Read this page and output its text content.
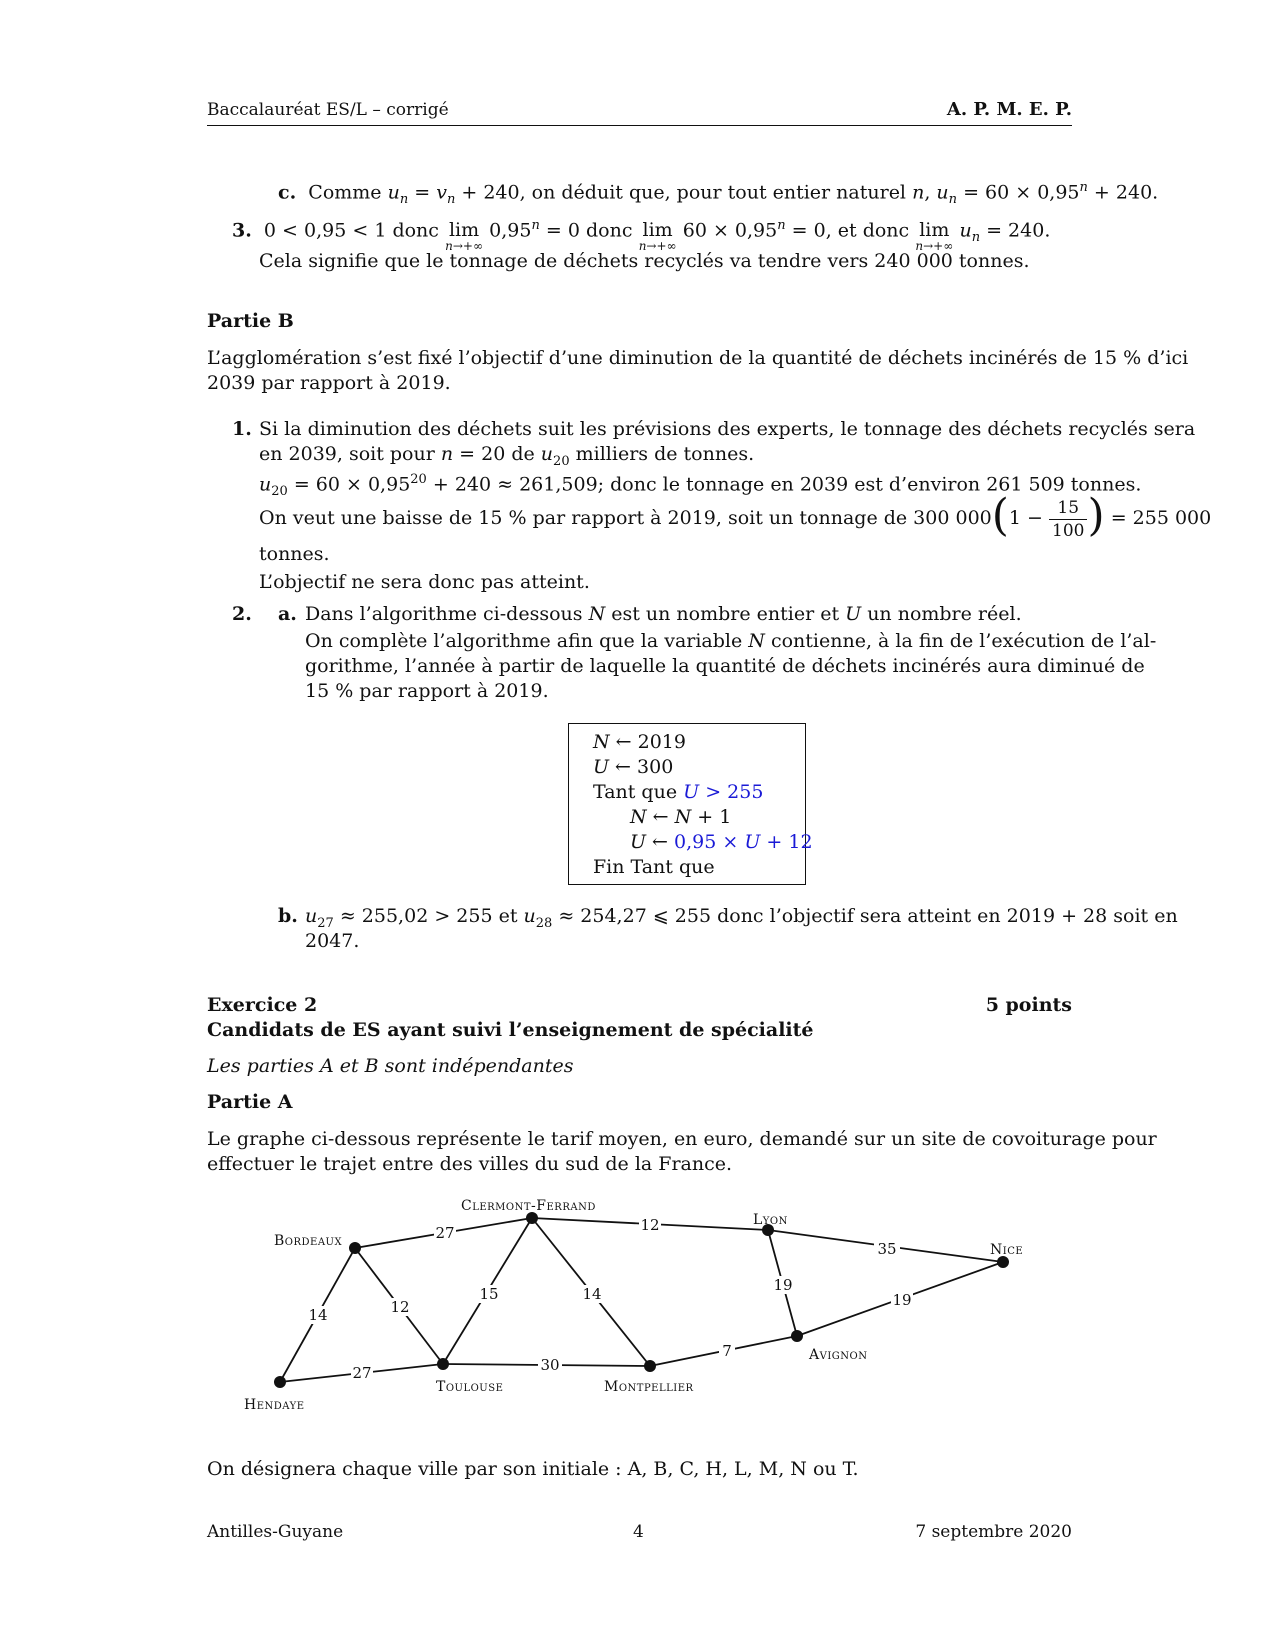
Baccalauréat ES/L – corrigé	A. P. M. E. P.
c. Comme $u_n = v_n + 240$, on déduit que, pour tout entier naturel n, $u_n = 60 \times 0,95^n + 240$.
3.  0 < 0,95 < 1 donc lim
n→+∞
$0,95^n = 0$ donc lim
n→+∞
$60 \times 0,95^n = 0$, et donc lim
n→+∞
$u_n = 240$.
Cela signifie que le tonnage de déchets recyclés va tendre vers 240 000 tonnes.
Partie B
L’agglomération s’est fixé l’objectif d’une diminution de la quantité de déchets incinérés de 15 % d’ici
2039 par rapport à 2019.
1. Si la diminution des déchets suit les prévisions des experts, le tonnage des déchets recyclés sera
en 2039, soit pour n = 20 de $u_{20}$ milliers de tonnes.
$u_{20} = 60 \times 0,95^{20} + 240 \approx 261,509$; donc le tonnage en 2039 est d’environ 261 509 tonnes.
On veut une baisse de 15 % par rapport à 2019, soit un tonnage de 300 $000(1 - \frac{15}{100}$ ) = 255 000
tonnes.
L’objectif ne sera donc pas atteint.
2. a. Dans l’algorithme ci-dessous N est un nombre entier et U un nombre réel.
On complète l’algorithme afin que la variable N contienne, à la fin de l’exécution de l’al-
gorithme, l’année à partir de laquelle la quantité de déchets incinérés aura diminué de
15 % par rapport à 2019.
N ← 2019
U ← 300
Tant que U > 255
N ← N + 1
U ← 0,95 × U + 12
Fin Tant que
b. $u_{27} \approx 255,02 > 255$ et $u_{28} \approx 254,27$ ⩽ 255 donc l’objectif sera atteint en 2019 + 28 soit en
2047.
Exercice 2	5 points
Candidats de ES ayant suivi l’enseignement de spécialité
Les parties A et B sont indépendantes
Partie A
Le graphe ci-dessous représente le tarif moyen, en euro, demandé sur un site de covoiturage pour
effectuer le trajet entre des villes du sud de la France.
27	12
35
14	12
15	14	19
19
27	30
7
Bordeaux
Clermont-Ferrand
Lyon
Nice
Hendaye
Toulouse	Montpellier
Avignon
On désignera chaque ville par son initiale : A, B, C, H, L, M, N ou T.
Antilles-Guyane	4	7 septembre 2020
